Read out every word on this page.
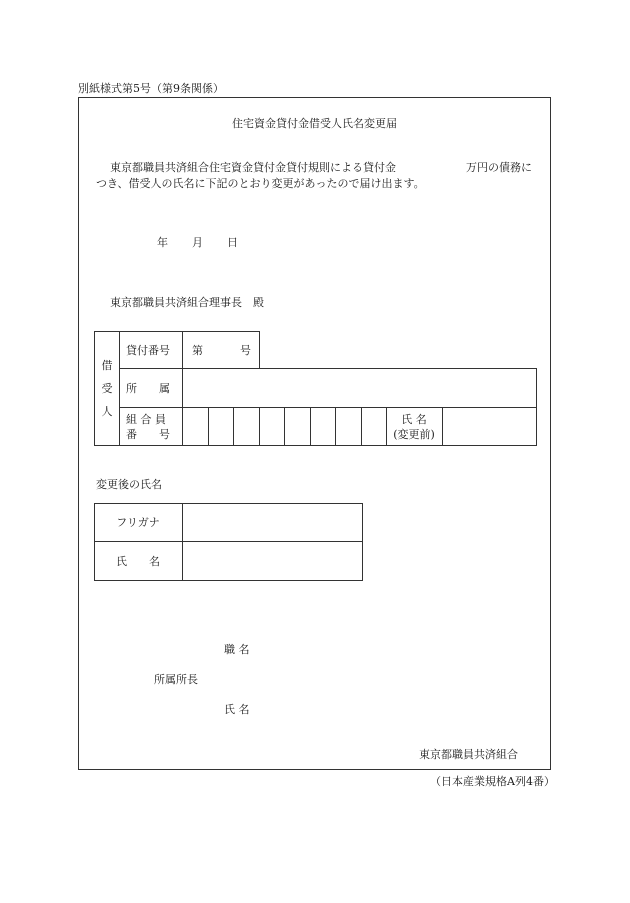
別紙様式第5号（第9条関係）
住宅資金貸付金借受人氏名変更届
東京都職員共済組合住宅資金貸付金貸付規則による貸付金	万円の債務に
つき、借受人の氏名に下記のとおり変更があったので届け出ます。
年 月 日
東京都職員共済組合理事長　殿
借
受
人
貸付番号 第	号
所　　属
組 合 員
番　　号
氏 名
(変更前)
変更後の氏名
フリガナ
氏　　名
職 名
所属所長
氏 名
東京都職員共済組合
（日本産業規格A列4番）
